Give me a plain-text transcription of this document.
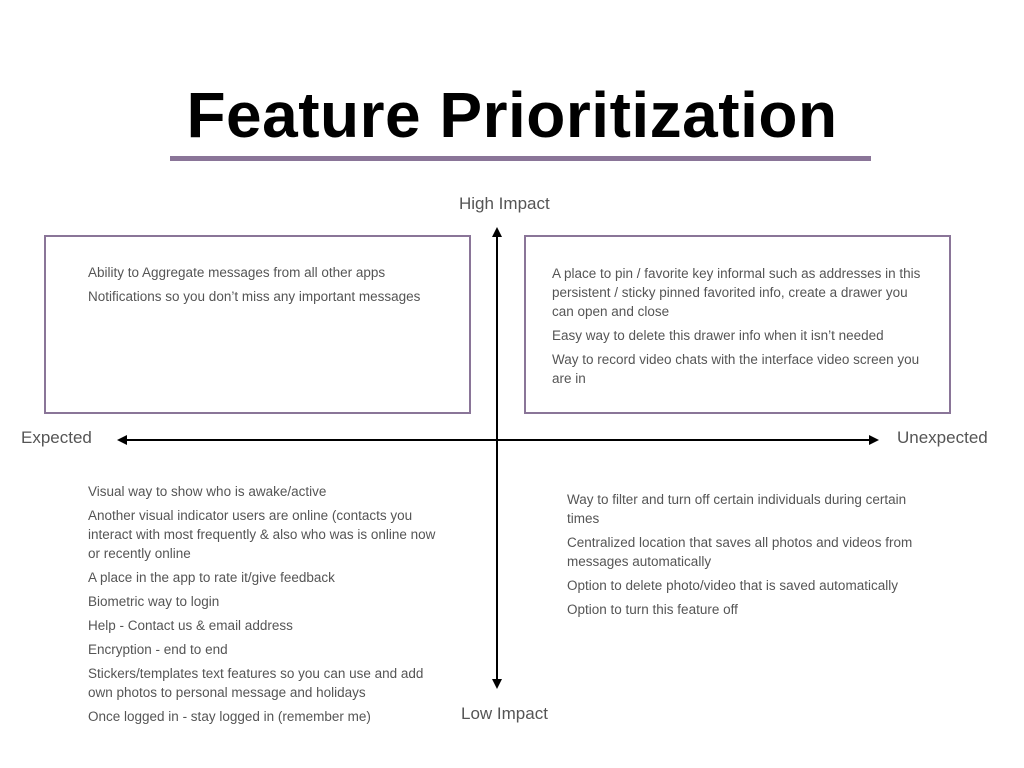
Feature Prioritization
High Impact
Low Impact
Expected	Unexpected
Ability to Aggregate messages from all other apps
Notifications so you don’t miss any important messages
A place to pin / favorite key informal such as addresses in this persistent / sticky pinned favorited info, create a drawer you can open and close
Easy way to delete this drawer info when it isn’t needed
Way to record video chats with the interface video screen you are in
Visual way to show who is awake/active
Another visual indicator users are online (contacts you interact with most frequently & also who was is online now or recently online
A place in the app to rate it/give feedback
Biometric way to login
Help - Contact us & email address
Encryption - end to end
Stickers/templates text features so you can use and add own photos to personal message and holidays
Once logged in - stay logged in (remember me)
Way to filter and turn off certain individuals during certain times
Centralized location that saves all photos and videos from messages automatically
Option to delete photo/video that is saved automatically
Option to turn this feature off
